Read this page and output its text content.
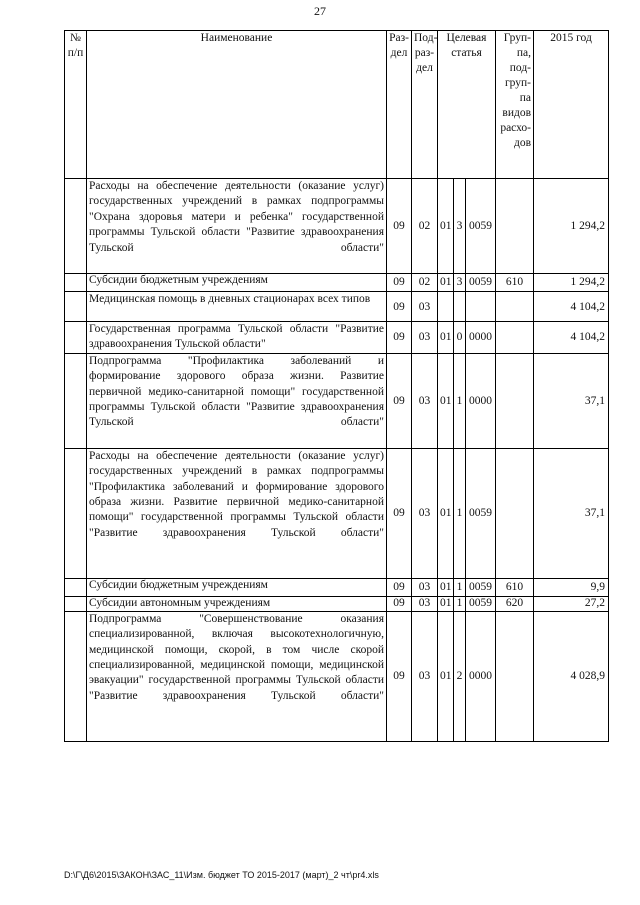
27
№ п/п	Наименование	Раз- дел	Под- раз- дел	Целевая статья			Груп- па, под- груп- па видов расхо- дов	2015 год
	Расходы на обеспечение деятельности (оказание услуг) государственных учреждений в рамках подпрограммы "Охрана здоровья матери и ребенка" государственной программы Тульской области "Развитие здравоохранения Тульской области"	09	02	01	3	0059		1 294,2
	Субсидии бюджетным учреждениям	09	02	01	3	0059	610	1 294,2
	Медицинская помощь в дневных стационарах всех типов	09	03					4 104,2
	Государственная программа Тульской области "Развитие здравоохранения Тульской области"	09	03	01	0	0000		4 104,2
	Подпрограмма "Профилактика заболеваний и формирование здорового образа жизни. Развитие первичной медико-санитарной помощи" государственной программы Тульской области "Развитие здравоохранения Тульской области"	09	03	01	1	0000		37,1
	Расходы на обеспечение деятельности (оказание услуг) государственных учреждений в рамках подпрограммы "Профилактика заболеваний и формирование здорового образа жизни. Развитие первичной медико-санитарной помощи" государственной программы Тульской области "Развитие здравоохранения Тульской области"	09	03	01	1	0059		37,1
	Субсидии бюджетным учреждениям	09	03	01	1	0059	610	9,9
	Субсидии автономным учреждениям	09	03	01	1	0059	620	27,2
	Подпрограмма "Совершенствование оказания специализированной, включая высокотехнологичную, медицинской помощи, скорой, в том числе скорой специализированной, медицинской помощи, медицинской эвакуации" государственной программы Тульской области "Развитие здравоохранения Тульской области"	09	03	01	2	0000		4 028,9
D:\Г\Д6\2015\ЗАКОН\ЗАС_11\Изм. бюджет ТО 2015-2017 (март)_2 чт\pr4.xls
